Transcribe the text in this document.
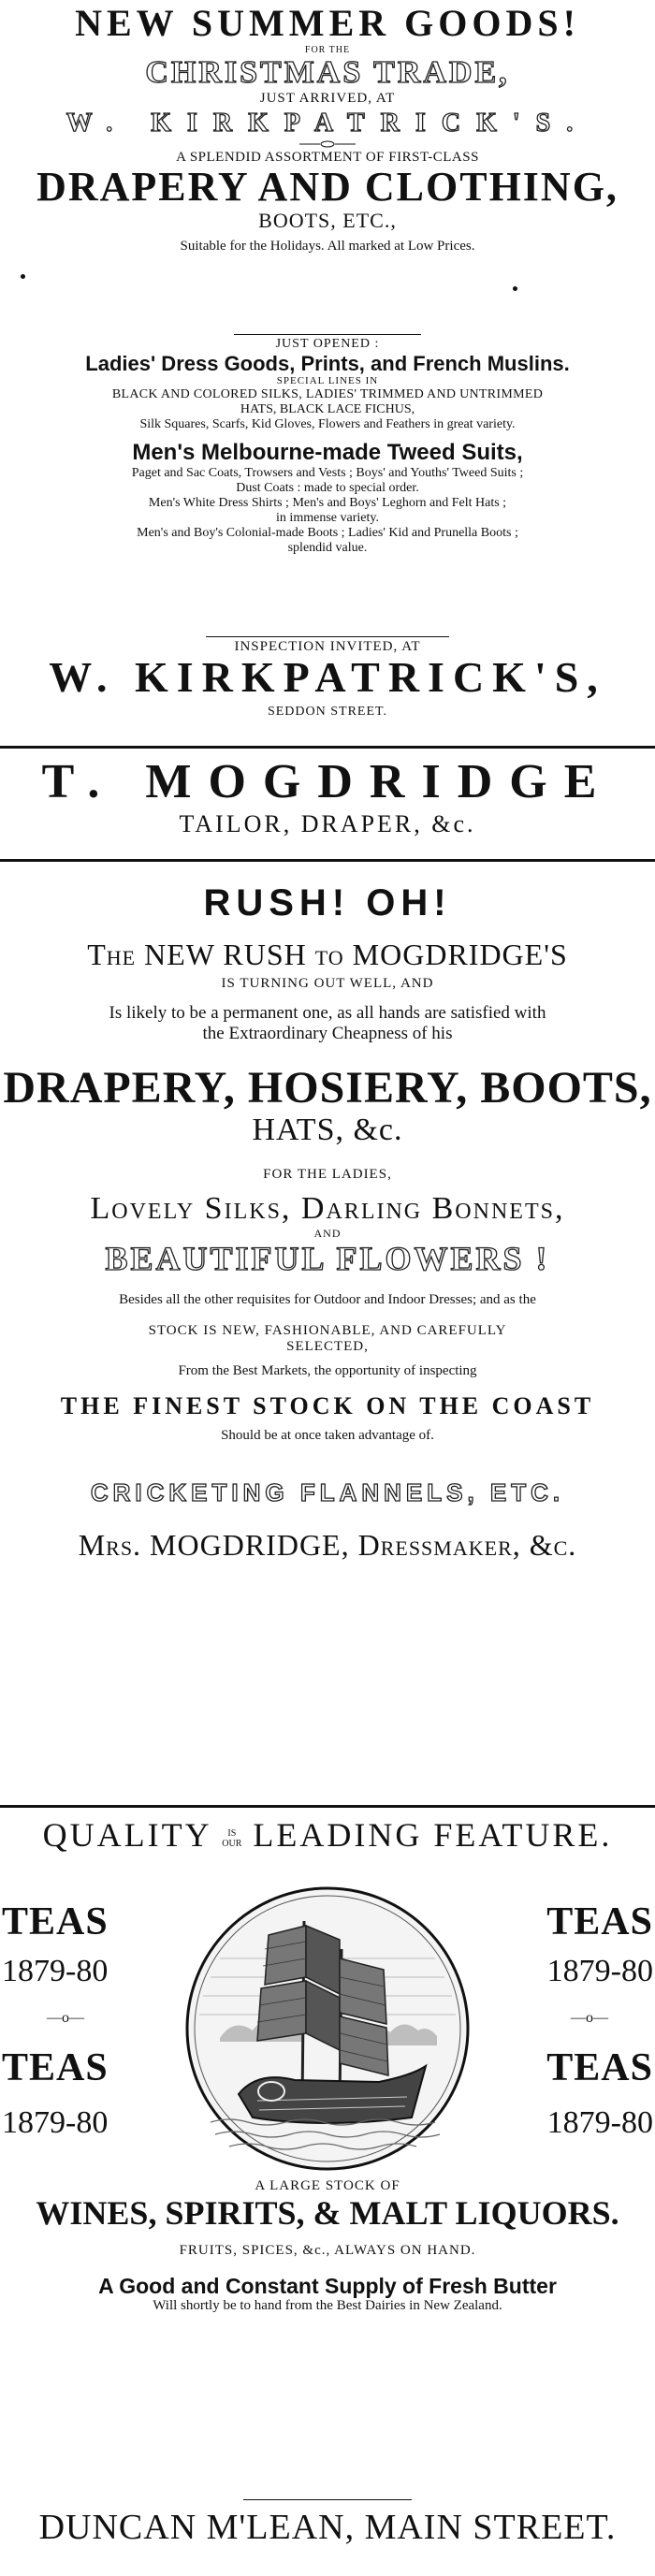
NEW SUMMER GOODS!
FOR THE
CHRISTMAS TRADE,
JUST ARRIVED, AT
W. KIRKPATRICK'S.
A SPLENDID ASSORTMENT OF FIRST-CLASS
DRAPERY AND CLOTHING,
BOOTS, ETC.,
Suitable for the Holidays. All marked at Low Prices.
JUST OPENED :
Ladies' Dress Goods, Prints, and French Muslins.
SPECIAL LINES IN
BLACK AND COLORED SILKS, LADIES' TRIMMED AND UNTRIMMED
HATS, BLACK LACE FICHUS,
Silk Squares, Scarfs, Kid Gloves, Flowers and Feathers in great variety.
Men's Melbourne-made Tweed Suits,
Paget and Sac Coats, Trowsers and Vests ; Boys' and Youths' Tweed Suits ;
Dust Coats : made to special order.
Men's White Dress Shirts ; Men's and Boys' Leghorn and Felt Hats ;
in immense variety.
Men's and Boy's Colonial-made Boots ; Ladies' Kid and Prunella Boots ;
splendid value.
INSPECTION INVITED, AT
W. KIRKPATRICK'S,
SEDDON STREET.
T. MOGDRIDGE
TAILOR, DRAPER, &c.
RUSH! OH!
The NEW RUSH to MOGDRIDGE'S
IS TURNING OUT WELL, AND
Is likely to be a permanent one, as all hands are satisfied with
the Extraordinary Cheapness of his
DRAPERY, HOSIERY, BOOTS,
HATS, &c.
FOR THE LADIES,
Lovely Silks, Darling Bonnets,
AND
BEAUTIFUL FLOWERS !
Besides all the other requisites for Outdoor and Indoor Dresses; and as the
STOCK IS NEW, FASHIONABLE, AND CAREFULLY
SELECTED,
From the Best Markets, the opportunity of inspecting
THE FINEST STOCK ON THE COAST
Should be at once taken advantage of.
CRICKETING FLANNELS, ETC.
Mrs. MOGDRIDGE, Dressmaker, &c.
QUALITY	IS
OUR LEADING FEATURE.
TEAS
1879-80
—o—
TEAS
1879-80
TEAS
1879-80
—o—
TEAS
1879-80
A LARGE STOCK OF
WINES, SPIRITS, & MALT LIQUORS.
FRUITS, SPICES, &c., ALWAYS ON HAND.
A Good and Constant Supply of Fresh Butter
Will shortly be to hand from the Best Dairies in New Zealand.
DUNCAN M'LEAN, MAIN STREET.
